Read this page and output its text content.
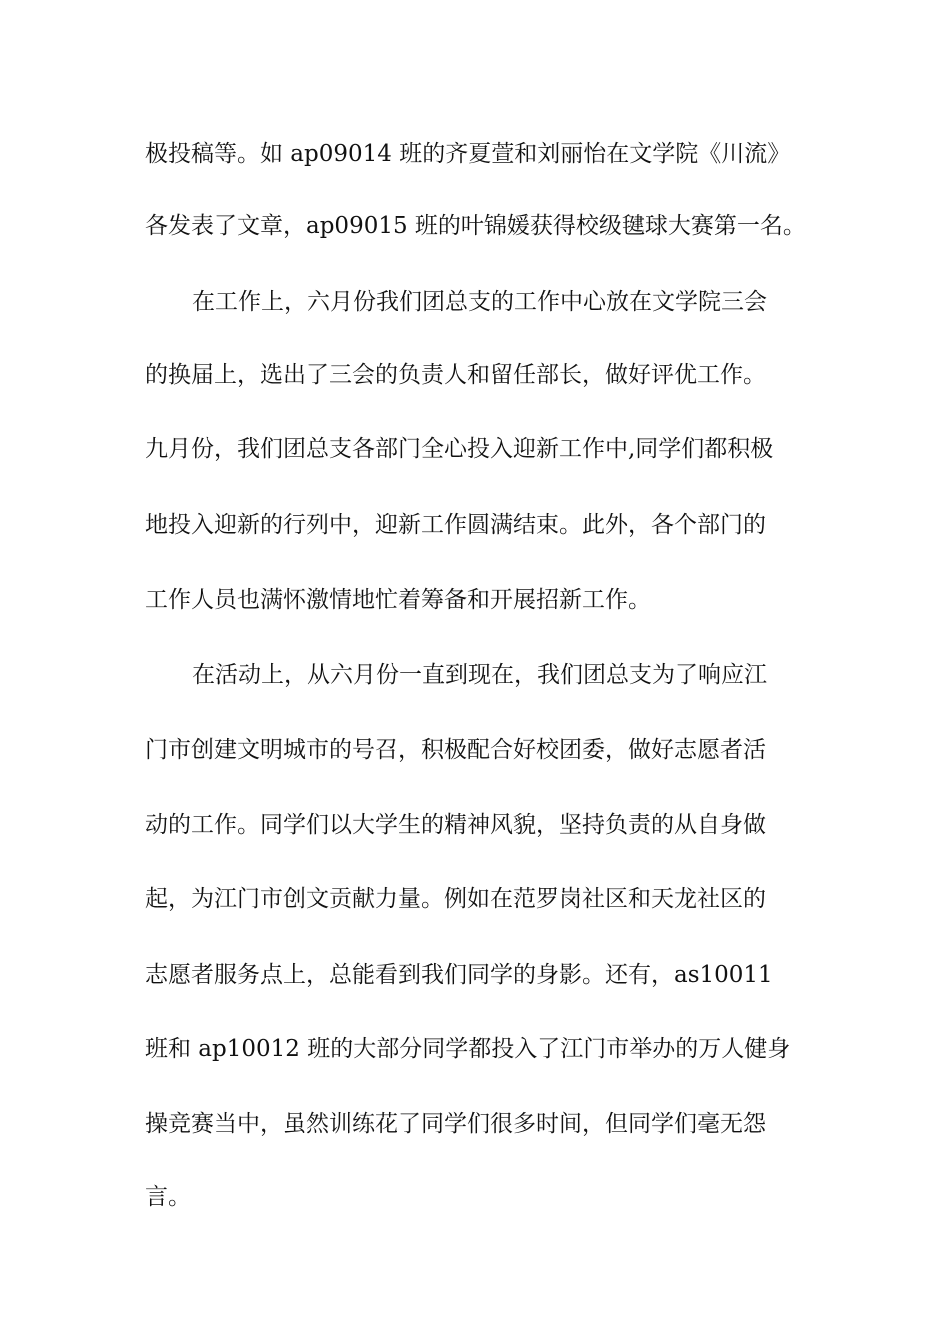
极投稿等。如 ap09014 班的齐夏萱和刘丽怡在文学院《川流》
各发表了文章，ap09015 班的叶锦媛获得校级毽球大赛第一名。
在工作上，六月份我们团总支的工作中心放在文学院三会
的换届上，选出了三会的负责人和留任部长，做好评优工作。
九月份，我们团总支各部门全心投入迎新工作中,同学们都积极
地投入迎新的行列中，迎新工作圆满结束。此外，各个部门的
工作人员也满怀激情地忙着筹备和开展招新工作。
在活动上，从六月份一直到现在，我们团总支为了响应江
门市创建文明城市的号召，积极配合好校团委，做好志愿者活
动的工作。同学们以大学生的精神风貌，坚持负责的从自身做
起，为江门市创文贡献力量。例如在范罗岗社区和天龙社区的
志愿者服务点上，总能看到我们同学的身影。还有，as10011
班和 ap10012 班的大部分同学都投入了江门市举办的万人健身
操竞赛当中，虽然训练花了同学们很多时间，但同学们毫无怨
言。
